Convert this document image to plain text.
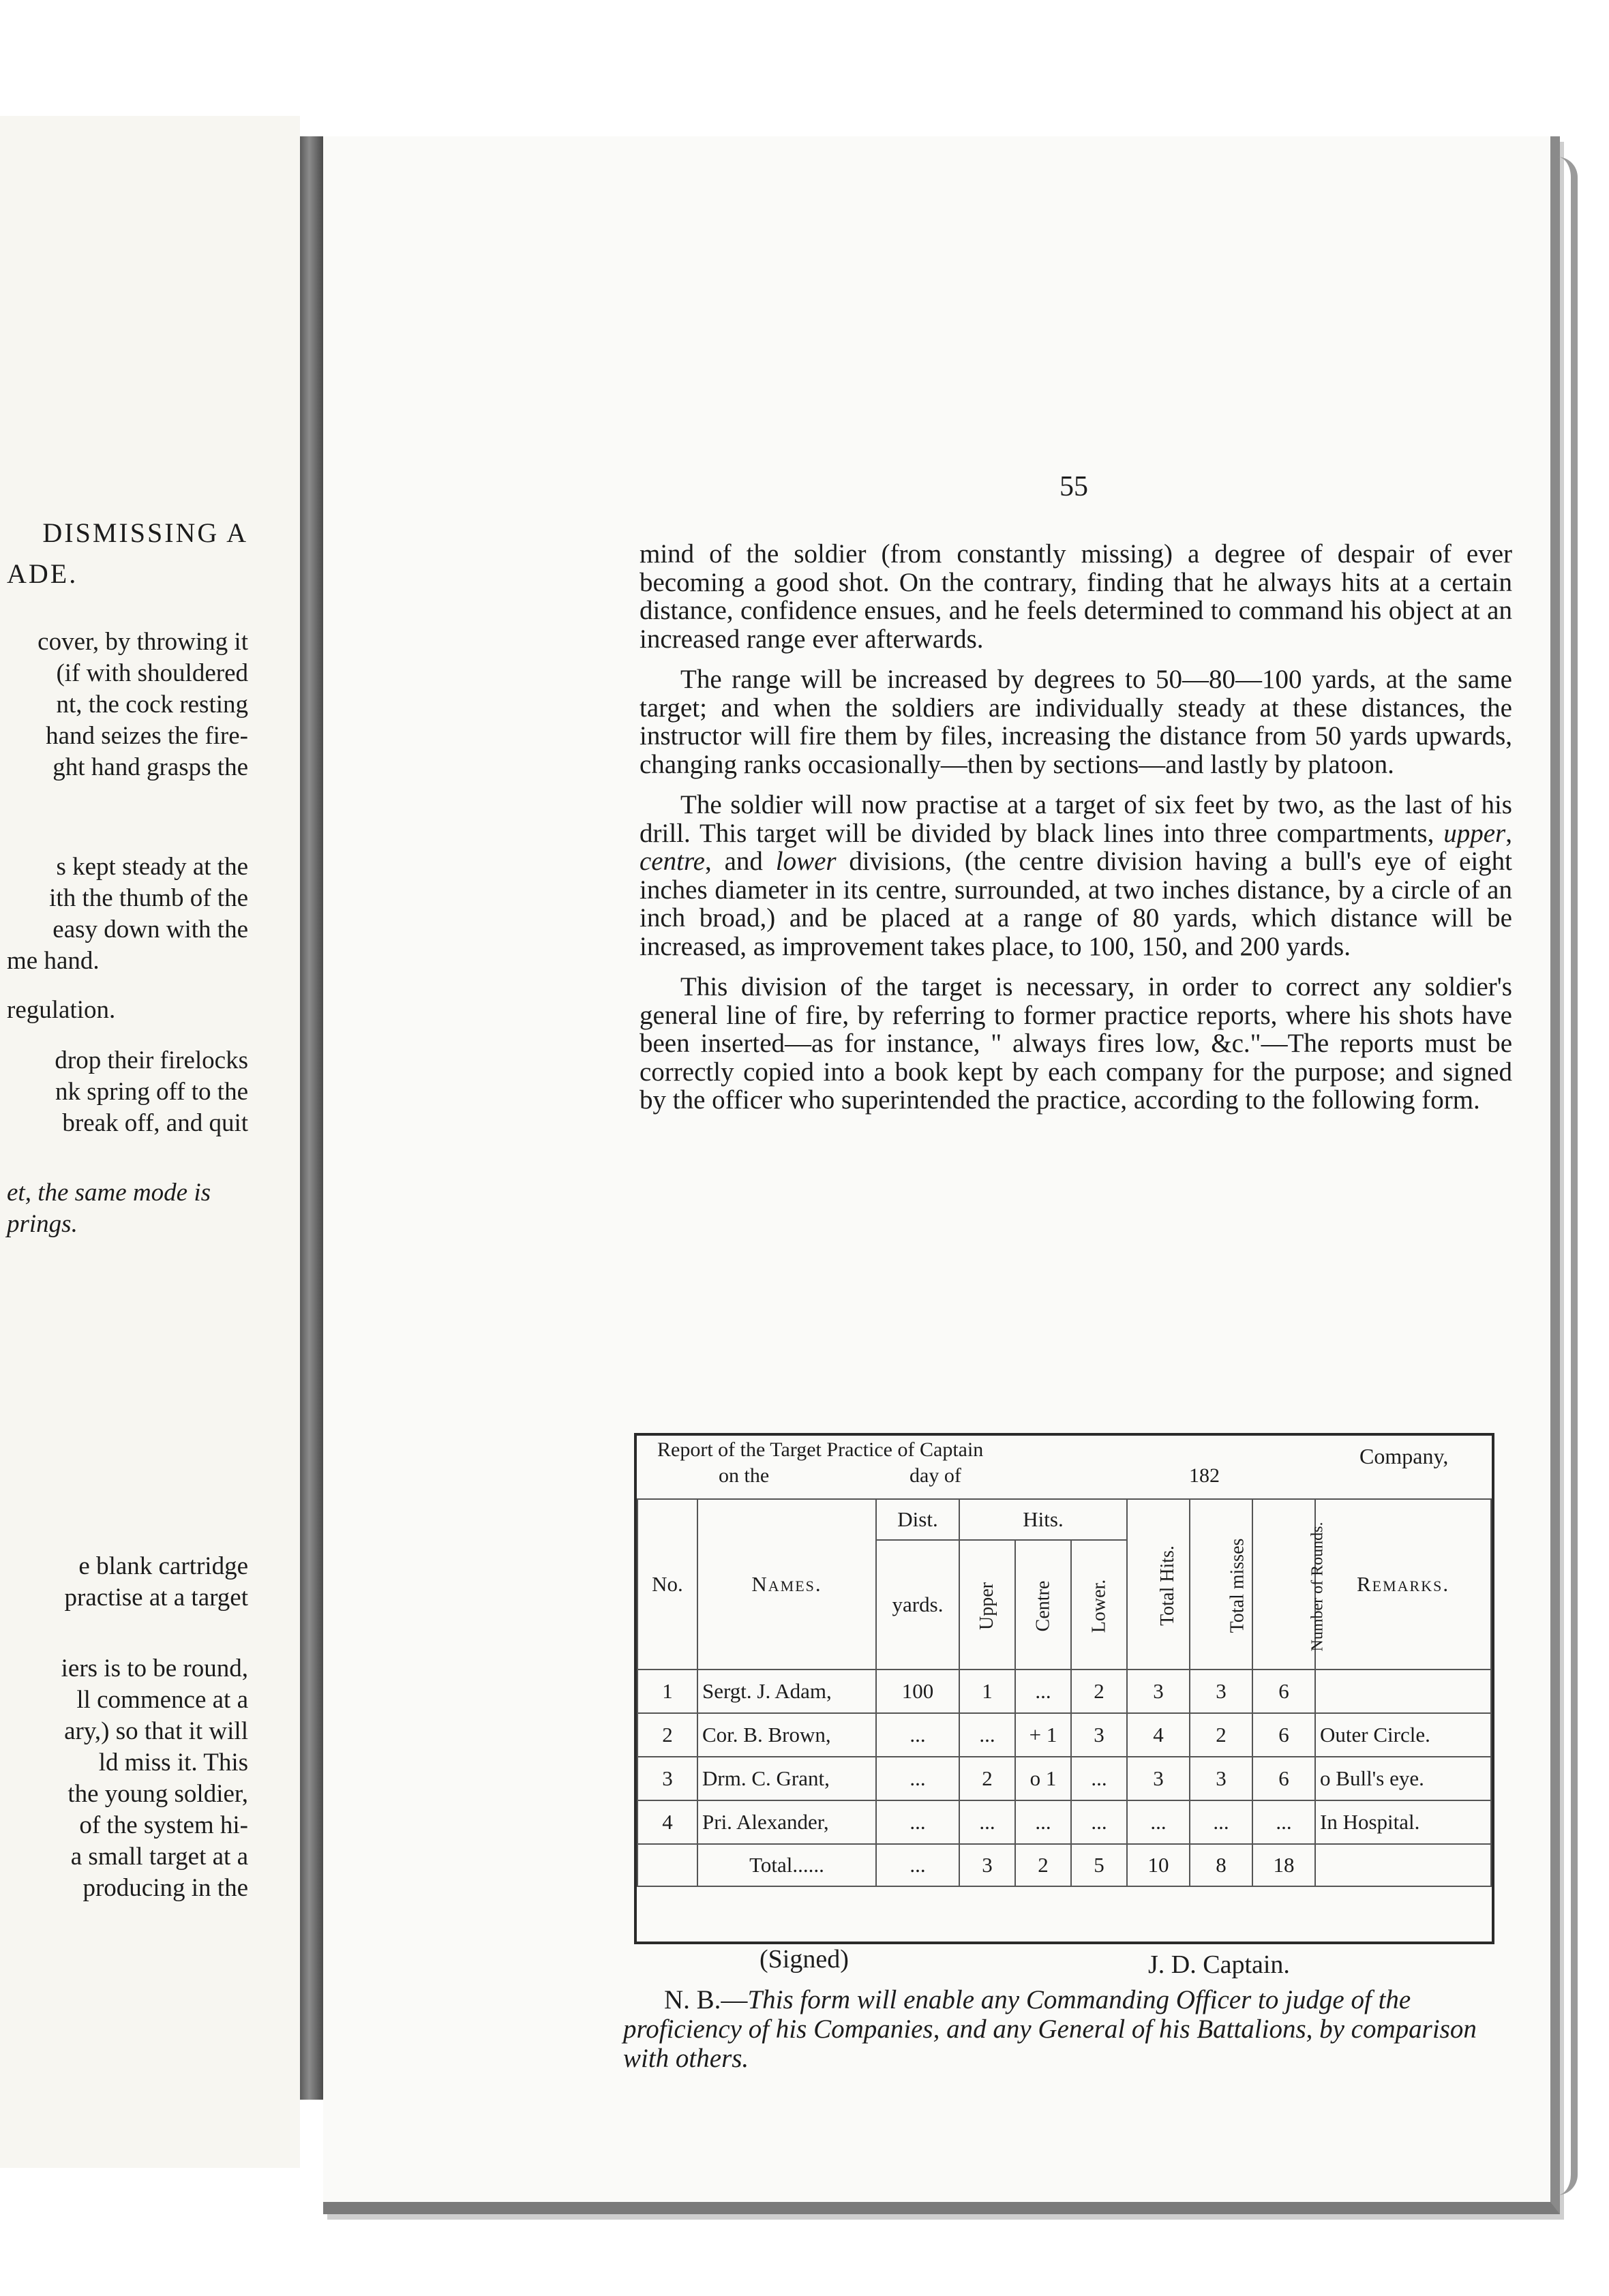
DISMISSING A
ADE.
cover, by throwing it
(if with shouldered
nt, the cock resting
hand seizes the fire-
ght hand grasps the
s kept steady at the
ith the thumb of the
easy down with the
me hand.
regulation.
drop their firelocks
nk spring off to the
break off, and quit
et, the same mode is
prings.
e blank cartridge
practise at a target
iers is to be round,
ll commence at a
ary,) so that it will
ld miss it. This
the young soldier,
of the system hi-
a small target at a
producing in the
55

mind of the soldier (from constantly missing) a degree of despair of ever becoming a good shot. On the contrary, finding that he always hits at a certain distance, confidence ensues, and he feels determined to command his object at an increased range ever afterwards.

The range will be increased by degrees to 50—80—100 yards, at the same target; and when the soldiers are individually steady at these distances, the instructor will fire them by files, increasing the distance from 50 yards upwards, changing ranks occasionally—then by sections—and lastly by platoon.

The soldier will now practise at a target of six feet by two, as the last of his drill. This target will be divided by black lines into three compartments, upper, centre, and lower divisions, (the centre division having a bull's eye of eight inches diameter in its centre, surrounded, at two inches distance, by a circle of an inch broad,) and be placed at a range of 80 yards, which distance will be increased, as improvement takes place, to 100, 150, and 200 yards.

This division of the target is necessary, in order to correct any soldier's general line of fire, by referring to former practice reports, where his shots have been inserted—as for instance, " always fires low, &c."—The reports must be correctly copied into a book kept by each company for the purpose; and signed by the officer who superintended the practice, according to the following form.

Report of the Target Practice of Captain
on the	day of	182
Company,
No.	Names.	Dist.	Hits.			Total Hits.	Total misses	Number of Rounds.	Remarks.
		yards.	Upper	Centre	Lower.				
1	Sergt. J. Adam,	100	1	...	2	3	3	6	
2	Cor. B. Brown,	...	...	+ 1	3	4	2	6	Outer Circle.
3	Drm. C. Grant,	...	2	o 1	...	3	3	6	o Bull's eye.
4	Pri. Alexander,	...	...	...	...	...	...	...	In Hospital.
	Total......	...	3	2	5	10	8	18	
(Signed)	J. D. Captain.
N. B.—This form will enable any Commanding Officer to judge of the proficiency of his Companies, and any General of his Battalions, by comparison with others.
